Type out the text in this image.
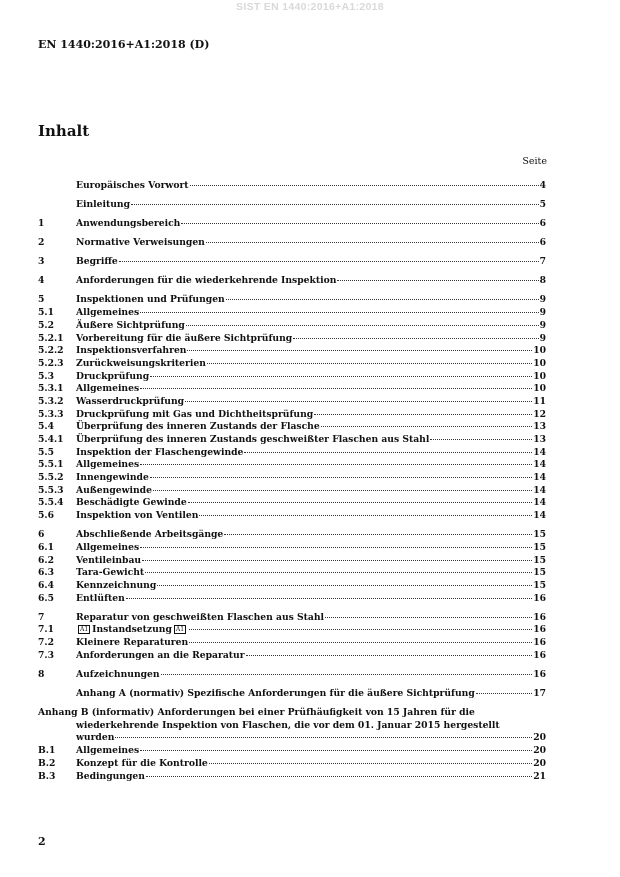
SIST EN 1440:2016+A1:2018
EN 1440:2016+A1:2018 (D)
Inhalt
Seite
Europäisches Vorwort	4
Einleitung	5
1	Anwendungsbereich	6
2	Normative Verweisungen	6
3	Begriffe	7
4	Anforderungen für die wiederkehrende Inspektion	8
5	Inspektionen und Prüfungen	9
5.1	Allgemeines	9
5.2	Äußere Sichtprüfung	9
5.2.1	Vorbereitung für die äußere Sichtprüfung	9
5.2.2	Inspektionsverfahren	10
5.2.3	Zurückweisungskriterien	10
5.3	Druckprüfung	10
5.3.1	Allgemeines	10
5.3.2	Wasserdruckprüfung	11
5.3.3	Druckprüfung mit Gas und Dichtheitsprüfung	12
5.4	Überprüfung des inneren Zustands der Flasche	13
5.4.1	Überprüfung des inneren Zustands geschweißter Flaschen aus Stahl	13
5.5	Inspektion der Flaschengewinde	14
5.5.1	Allgemeines	14
5.5.2	Innengewinde	14
5.5.3	Außengewinde	14
5.5.4	Beschädigte Gewinde	14
5.6	Inspektion von Ventilen	14
6	Abschließende Arbeitsgänge	15
6.1	Allgemeines	15
6.2	Ventileinbau	15
6.3	Tara-Gewicht	15
6.4	Kennzeichnung	15
6.5	Entlüften	16
7	Reparatur von geschweißten Flaschen aus Stahl	16
7.1	A1 Instandsetzung A1	16
7.2	Kleinere Reparaturen	16
7.3	Anforderungen an die Reparatur	16
8	Aufzeichnungen	16
Anhang A (normativ) Spezifische Anforderungen für die äußere Sichtprüfung	17
Anhang B (informativ) Anforderungen bei einer Prüfhäufigkeit von 15 Jahren für die
wiederkehrende Inspektion von Flaschen, die vor dem 01. Januar 2015 hergestellt
wurden	20
B.1	Allgemeines	20
B.2	Konzept für die Kontrolle	20
B.3	Bedingungen	21
2
